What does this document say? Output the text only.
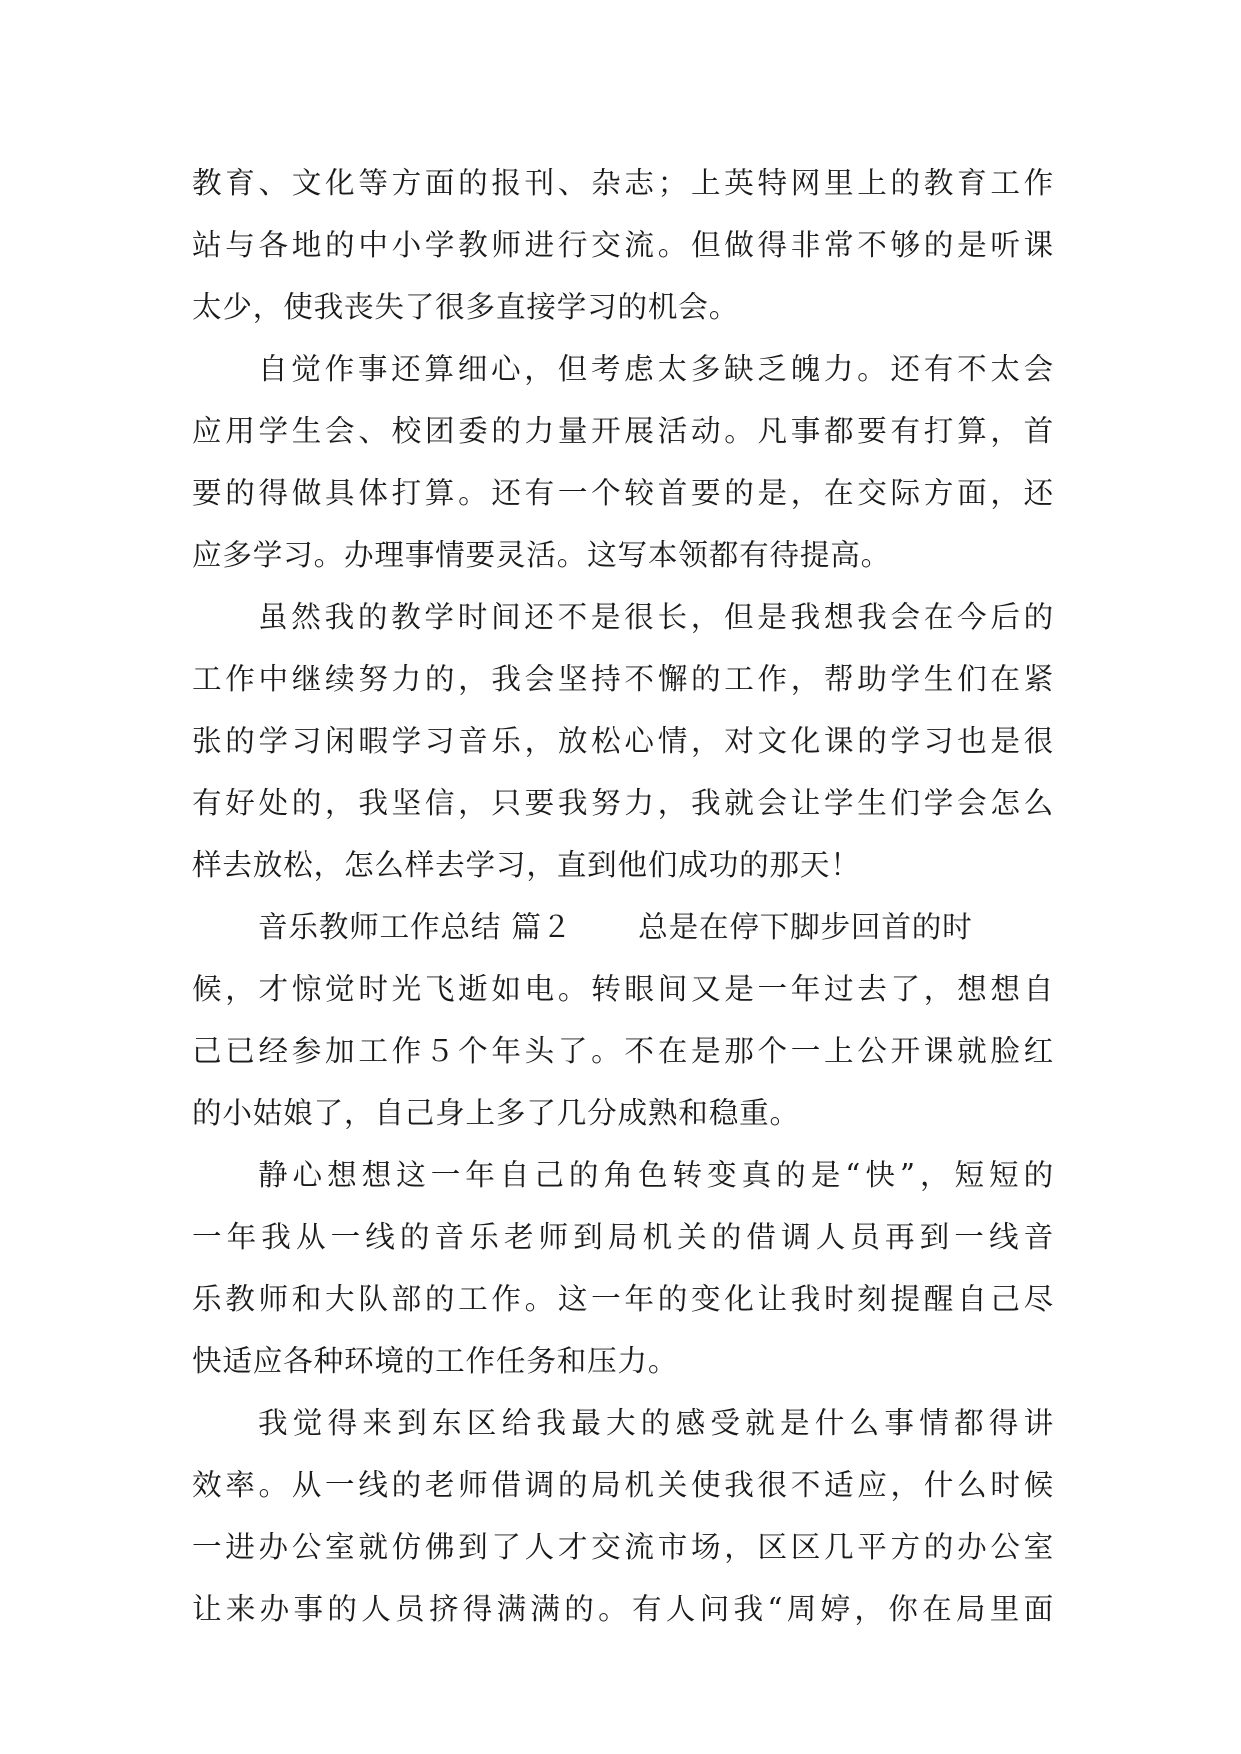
教育、文化等方面的报刊、杂志；上英特网里上的教育工作
站与各地的中小学教师进行交流。但做得非常不够的是听课
太少，使我丧失了很多直接学习的机会。
自觉作事还算细心，但考虑太多缺乏魄力。还有不太会
应用学生会、校团委的力量开展活动。凡事都要有打算，首
要的得做具体打算。还有一个较首要的是，在交际方面，还
应多学习。办理事情要灵活。这写本领都有待提高。
虽然我的教学时间还不是很长，但是我想我会在今后的
工作中继续努力的，我会坚持不懈的工作，帮助学生们在紧
张的学习闲暇学习音乐，放松心情，对文化课的学习也是很
有好处的，我坚信，只要我努力，我就会让学生们学会怎么
样去放松，怎么样去学习，直到他们成功的那天！
音乐教师工作总结 篇２ 总是在停下脚步回首的时
候，才惊觉时光飞逝如电。转眼间又是一年过去了，想想自
己已经参加工作５个年头了。不在是那个一上公开课就脸红
的小姑娘了，自己身上多了几分成熟和稳重。
静心想想这一年自己的角色转变真的是“快”，短短的
一年我从一线的音乐老师到局机关的借调人员再到一线音
乐教师和大队部的工作。这一年的变化让我时刻提醒自己尽
快适应各种环境的工作任务和压力。
我觉得来到东区给我最大的感受就是什么事情都得讲
效率。从一线的老师借调的局机关使我很不适应，什么时候
一进办公室就仿佛到了人才交流市场，区区几平方的办公室
让来办事的人员挤得满满的。有人问我“周婷，你在局里面
